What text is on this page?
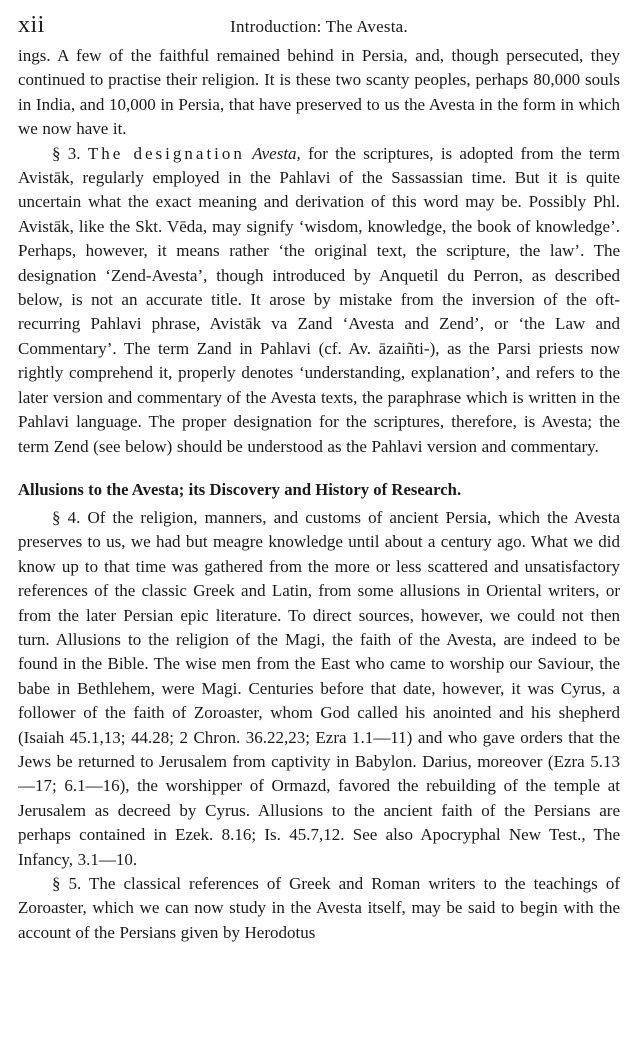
xii	Introduction: The Avesta.

ings. A few of the faithful remained behind in Persia, and, though persecuted, they continued to practise their religion. It is these two scanty peoples, perhaps 80,000 souls in India, and 10,000 in Persia, that have preserved to us the Avesta in the form in which we now have it.

§ 3. The designation Avesta, for the scriptures, is adopted from the term Avistāk, regularly employed in the Pahlavi of the Sassassian time. But it is quite uncertain what the exact meaning and derivation of this word may be. Possibly Phl. Avistāk, like the Skt. Vēda, may signify ‘wisdom, knowledge, the book of knowledge’. Perhaps, however, it means rather ‘the original text, the scripture, the law’. The designation ‘Zend-Avesta’, though introduced by Anquetil du Perron, as described below, is not an accurate title. It arose by mistake from the inversion of the oft-recurring Pahlavi phrase, Avistāk va Zand ‘Avesta and Zend’, or ‘the Law and Commentary’. The term Zand in Pahlavi (cf. Av. āzaiñti-), as the Parsi priests now rightly comprehend it, properly denotes ‘understanding, explanation’, and refers to the later version and commentary of the Avesta texts, the paraphrase which is written in the Pahlavi language. The proper designation for the scriptures, therefore, is Avesta; the term Zend (see below) should be understood as the Pahlavi version and commentary.

Allusions to the Avesta; its Discovery and History of Research.

§ 4. Of the religion, manners, and customs of ancient Persia, which the Avesta preserves to us, we had but meagre knowledge until about a century ago. What we did know up to that time was gathered from the more or less scattered and unsatisfactory references of the classic Greek and Latin, from some allusions in Oriental writers, or from the later Persian epic literature. To direct sources, however, we could not then turn. Allusions to the religion of the Magi, the faith of the Avesta, are indeed to be found in the Bible. The wise men from the East who came to worship our Saviour, the babe in Bethlehem, were Magi. Centuries before that date, however, it was Cyrus, a follower of the faith of Zoroaster, whom God called his anointed and his shepherd (Isaiah 45.1,13; 44.28; 2 Chron. 36.22,23; Ezra 1.1—11) and who gave orders that the Jews be returned to Jerusalem from captivity in Babylon. Darius, moreover (Ezra 5.13—17; 6.1—16), the worshipper of Ormazd, favored the rebuilding of the temple at Jerusalem as decreed by Cyrus. Allusions to the ancient faith of the Persians are perhaps contained in Ezek. 8.16; Is. 45.7,12. See also Apocryphal New Test., The Infancy, 3.1—10.

§ 5. The classical references of Greek and Roman writers to the teachings of Zoroaster, which we can now study in the Avesta itself, may be said to begin with the account of the Persians given by Herodotus
